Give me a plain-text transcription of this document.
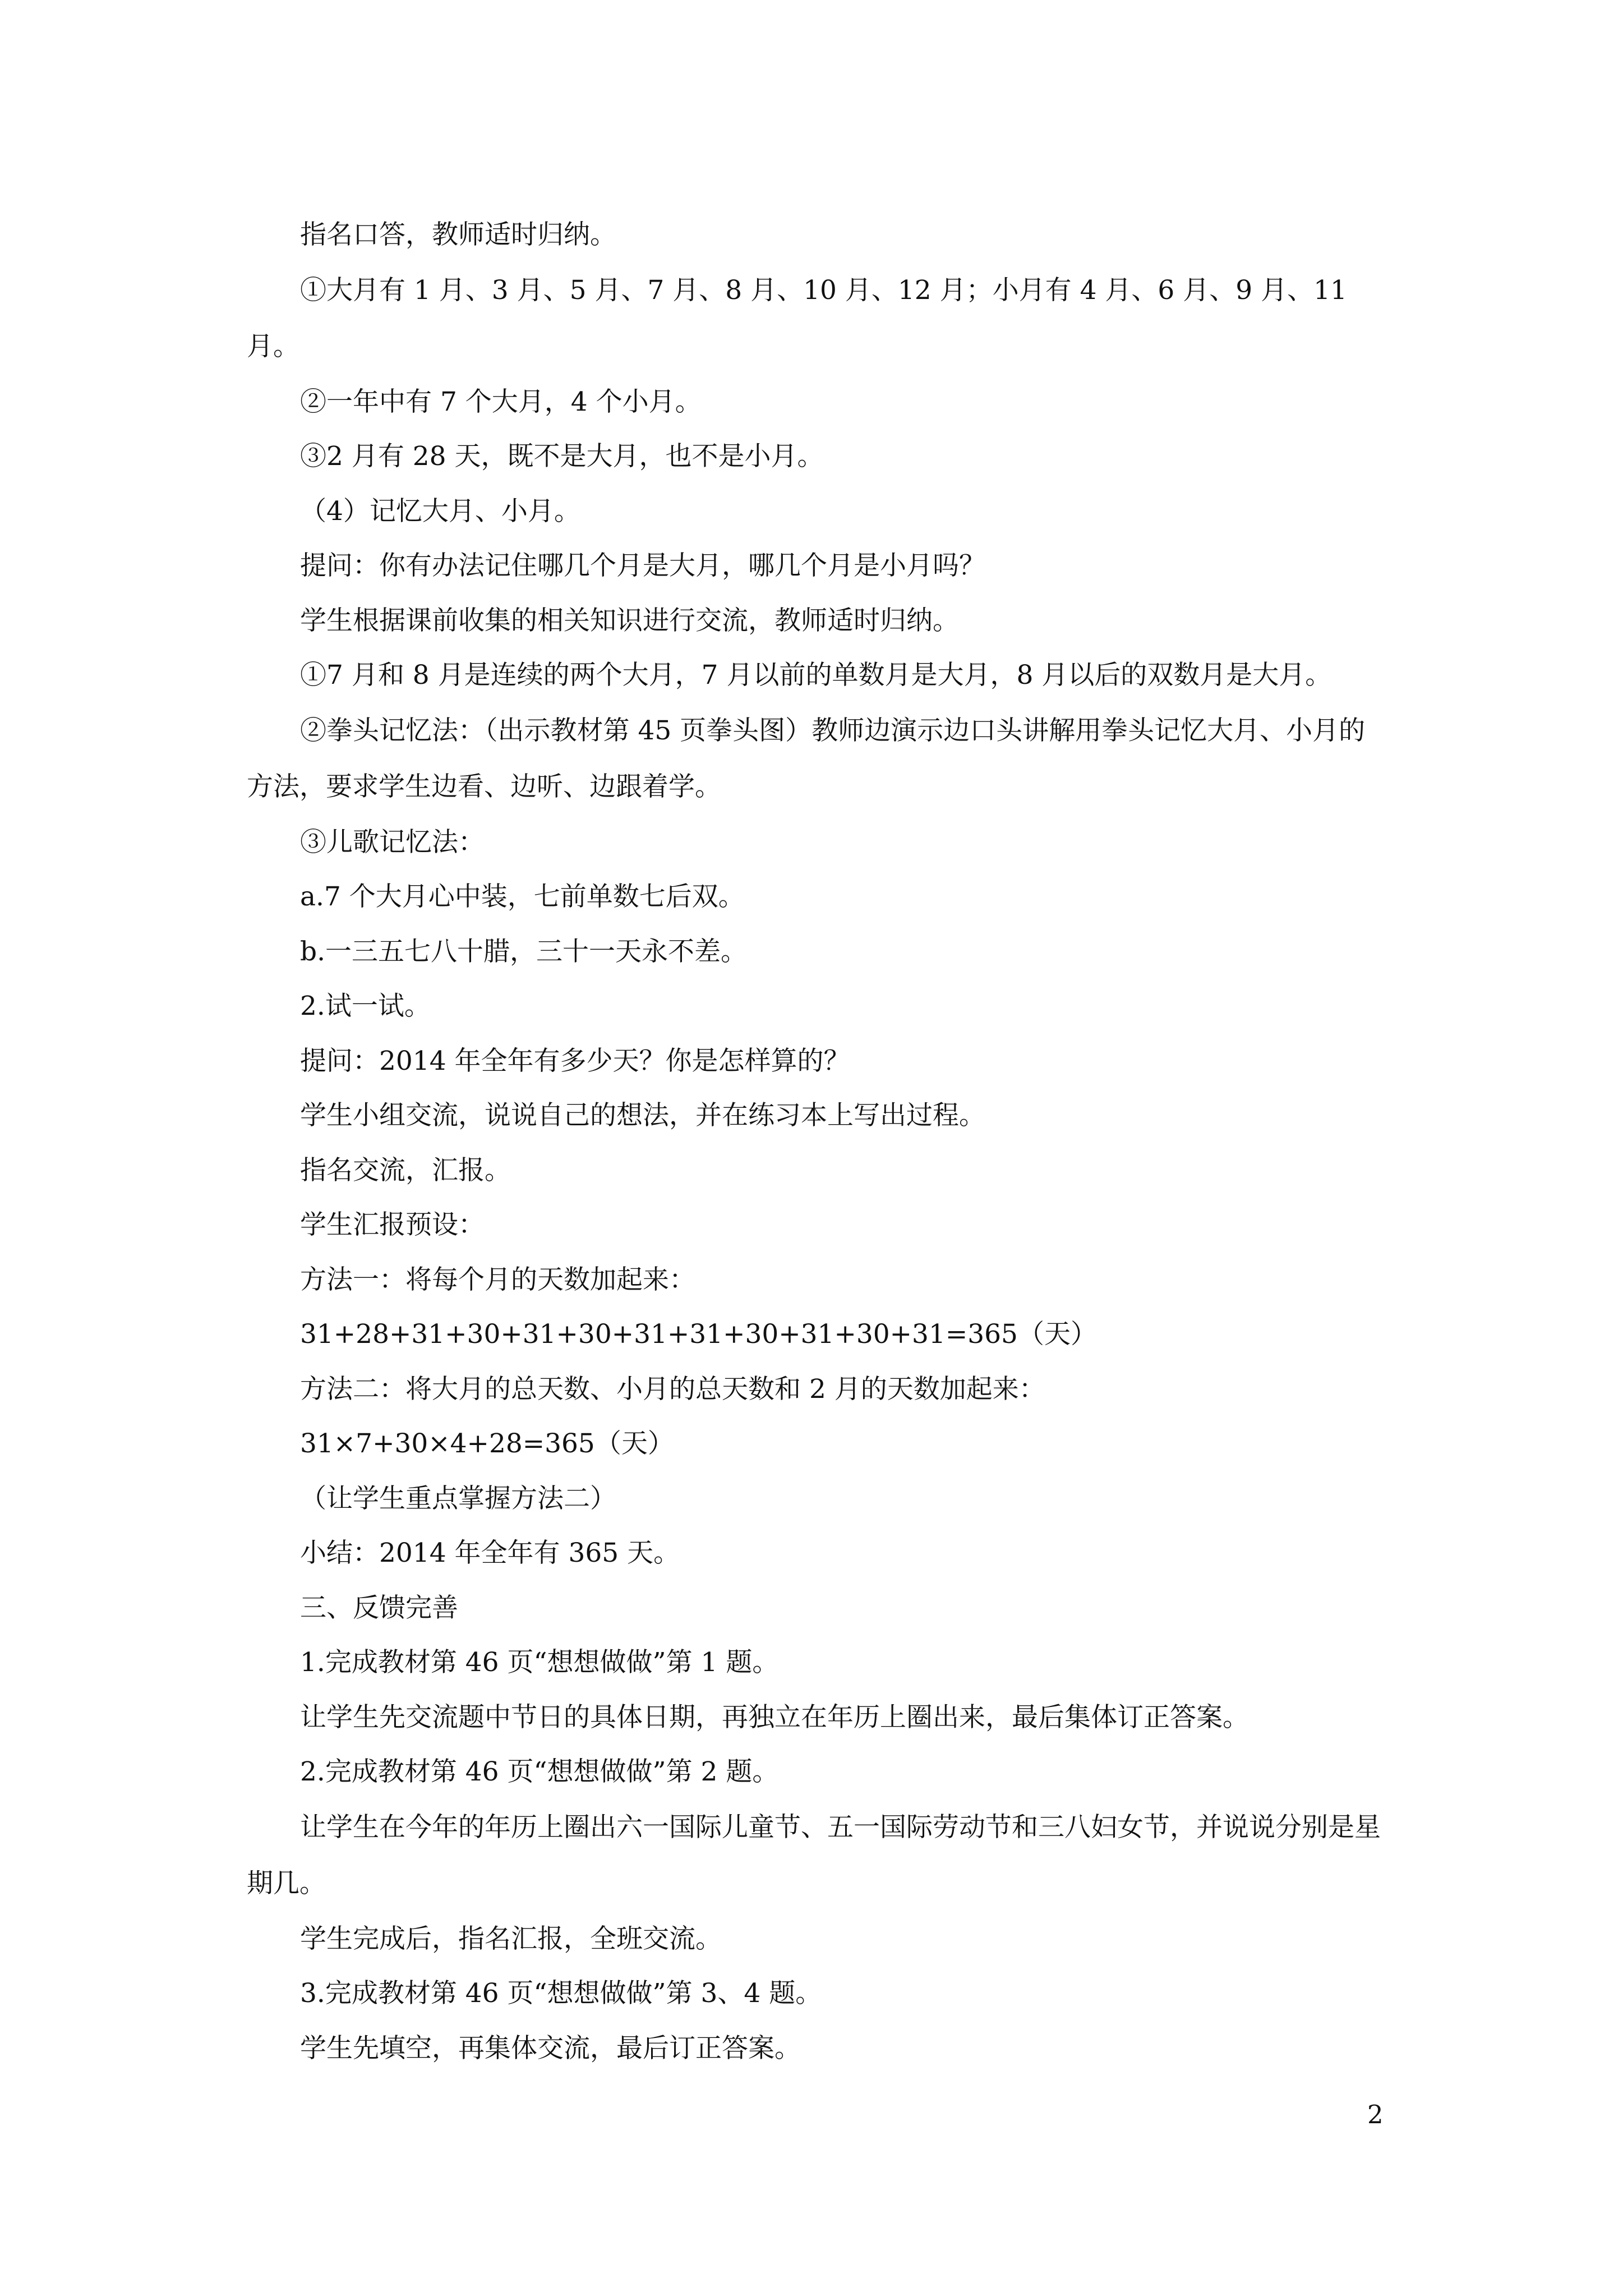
指名口答，教师适时归纳。

①大月有 1 月、3 月、5 月、7 月、8 月、10 月、12 月；小月有 4 月、6 月、9 月、11 月。

②一年中有 7 个大月，4 个小月。

③2 月有 28 天，既不是大月，也不是小月。

（4）记忆大月、小月。

提问：你有办法记住哪几个月是大月，哪几个月是小月吗？

学生根据课前收集的相关知识进行交流，教师适时归纳。

①7 月和 8 月是连续的两个大月，7 月以前的单数月是大月，8 月以后的双数月是大月。

②拳头记忆法：（出示教材第 45 页拳头图）教师边演示边口头讲解用拳头记忆大月、小月的方法，要求学生边看、边听、边跟着学。

③儿歌记忆法：

a.7 个大月心中装，七前单数七后双。

b.一三五七八十腊，三十一天永不差。

2.试一试。

提问：2014 年全年有多少天？你是怎样算的？

学生小组交流，说说自己的想法，并在练习本上写出过程。

指名交流，汇报。

学生汇报预设：

方法一：将每个月的天数加起来：

31+28+31+30+31+30+31+31+30+31+30+31=365（天）

方法二：将大月的总天数、小月的总天数和 2 月的天数加起来：

31×7+30×4+28=365（天）

（让学生重点掌握方法二）

小结：2014 年全年有 365 天。

三、反馈完善

1.完成教材第 46 页“想想做做”第 1 题。

让学生先交流题中节日的具体日期，再独立在年历上圈出来，最后集体订正答案。

2.完成教材第 46 页“想想做做”第 2 题。

让学生在今年的年历上圈出六一国际儿童节、五一国际劳动节和三八妇女节，并说说分别是星期几。

学生完成后，指名汇报，全班交流。

3.完成教材第 46 页“想想做做”第 3、4 题。

学生先填空，再集体交流，最后订正答案。

2
